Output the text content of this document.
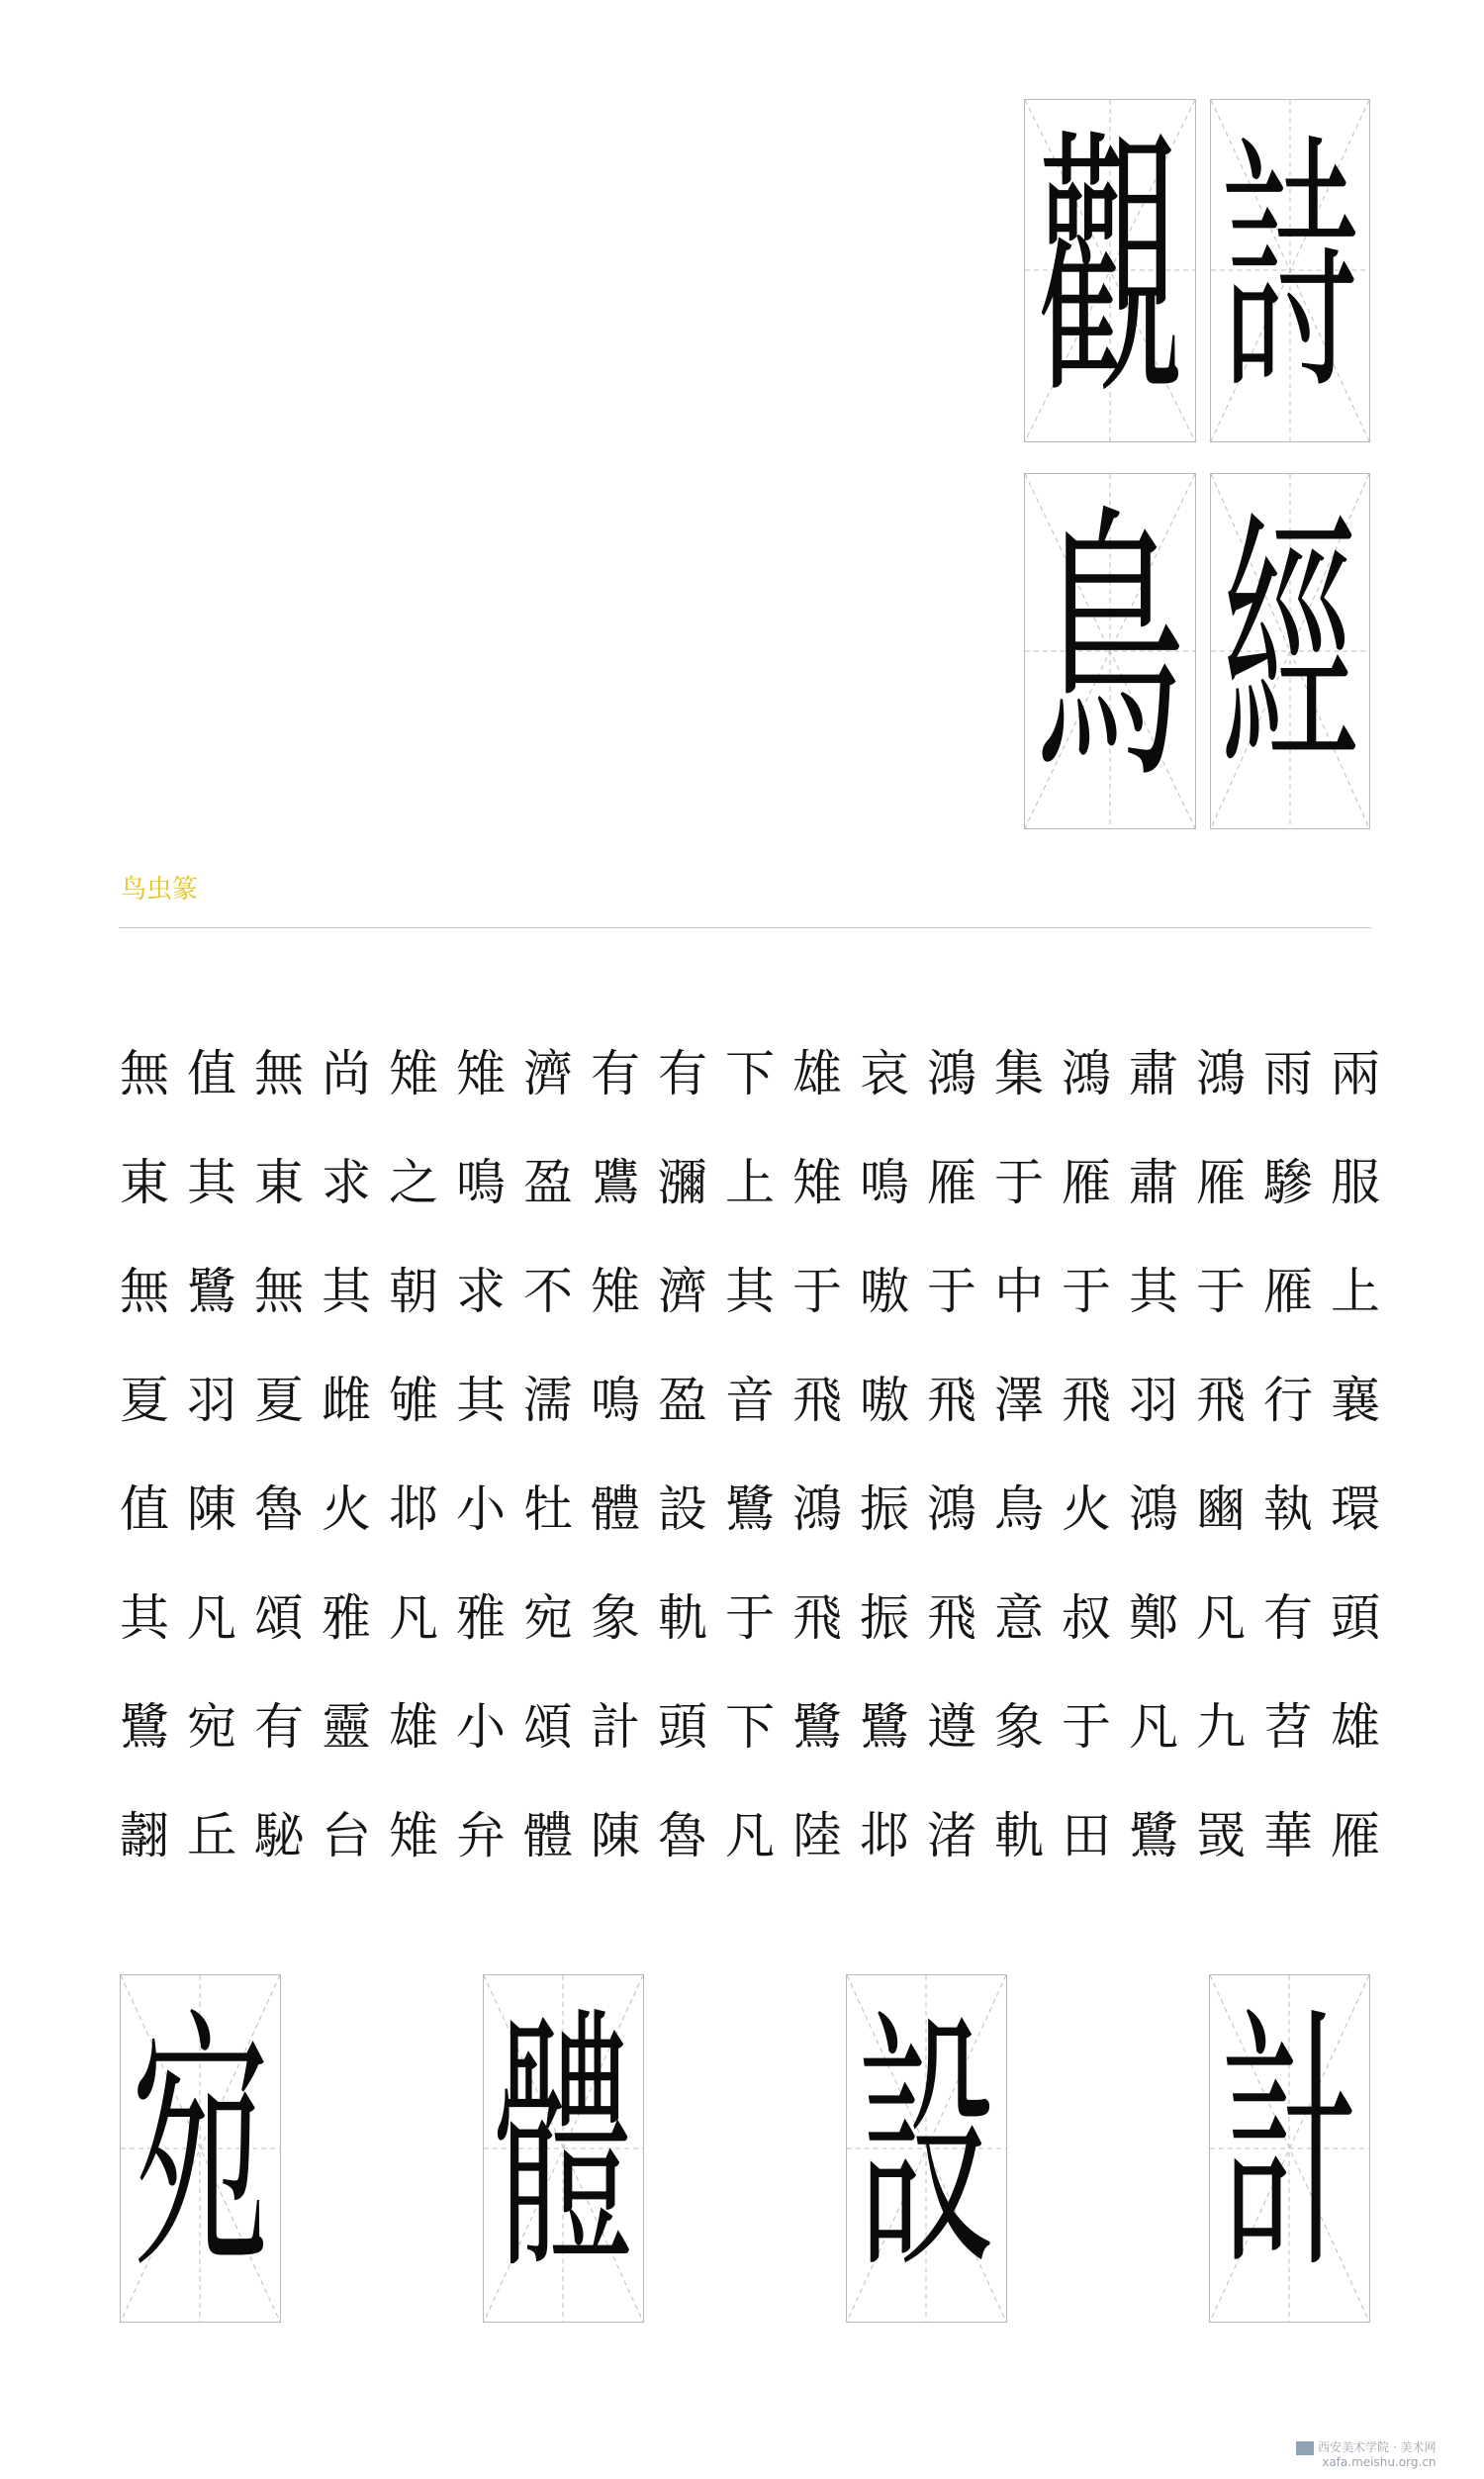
觀 詩
鳥 經
鸟虫篆
無
東
無
夏
值
其
鷺
翿
值
其
鷺
羽
陳
凡
宛
丘
無
東
無
夏
魯
頌
有
駜
尚
求
其
雌
火
雅
靈
台
雉
之
朝
雊
邶
凡
雄
雉
雉
鳴
求
其
小
雅
小
弁
濟
盈
不
濡
牡
宛
頌
體
有
鷕
雉
鳴
體
象
計
陳
有
瀰
濟
盈
設
軌
頭
魯
下
上
其
音
鷺
于
下
凡
雄
雉
于
飛
鴻
飛
鷺
陸
哀
鳴
嗷
嗷
振
振
鷺
邶
鴻
雁
于
飛
鴻
飛
遵
渚
集
于
中
澤
鳥
意
象
軌
鴻
雁
于
飛
火
叔
于
田
肅
肅
其
羽
鴻
鄭
凡
鷺
鴻
雁
于
飛
豳
凡
九
罭
雨
驂
雁
行
執
有
苕
華
兩
服
上
襄
環
頭
雄
雁
宛 體 設 計
西安美术学院 · 美术网
xafa.meishu.org.cn
